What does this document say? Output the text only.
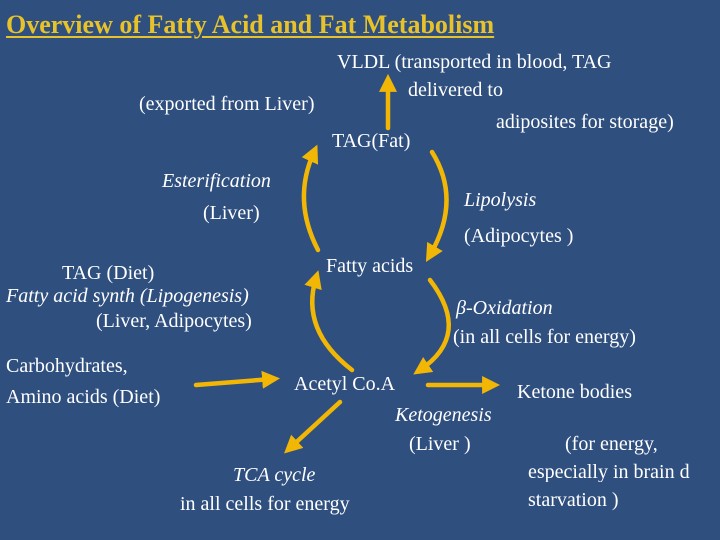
Overview of Fatty Acid and Fat Metabolism
VLDL (transported in blood, TAG
delivered to
adiposites for storage)
(exported from Liver)
TAG(Fat)
Esterification
(Liver)
Lipolysis
(Adipocytes )
Fatty acids
TAG (Diet)
Fatty acid synth (Lipogenesis)
(Liver, Adipocytes)
β-Oxidation
(in all cells for energy)
Carbohydrates,
Amino acids (Diet)
Acetyl Co.A	Ketone bodies
Ketogenesis
(Liver )	(for energy,
especially in brain d
starvation )
TCA cycle
in all cells for energy
